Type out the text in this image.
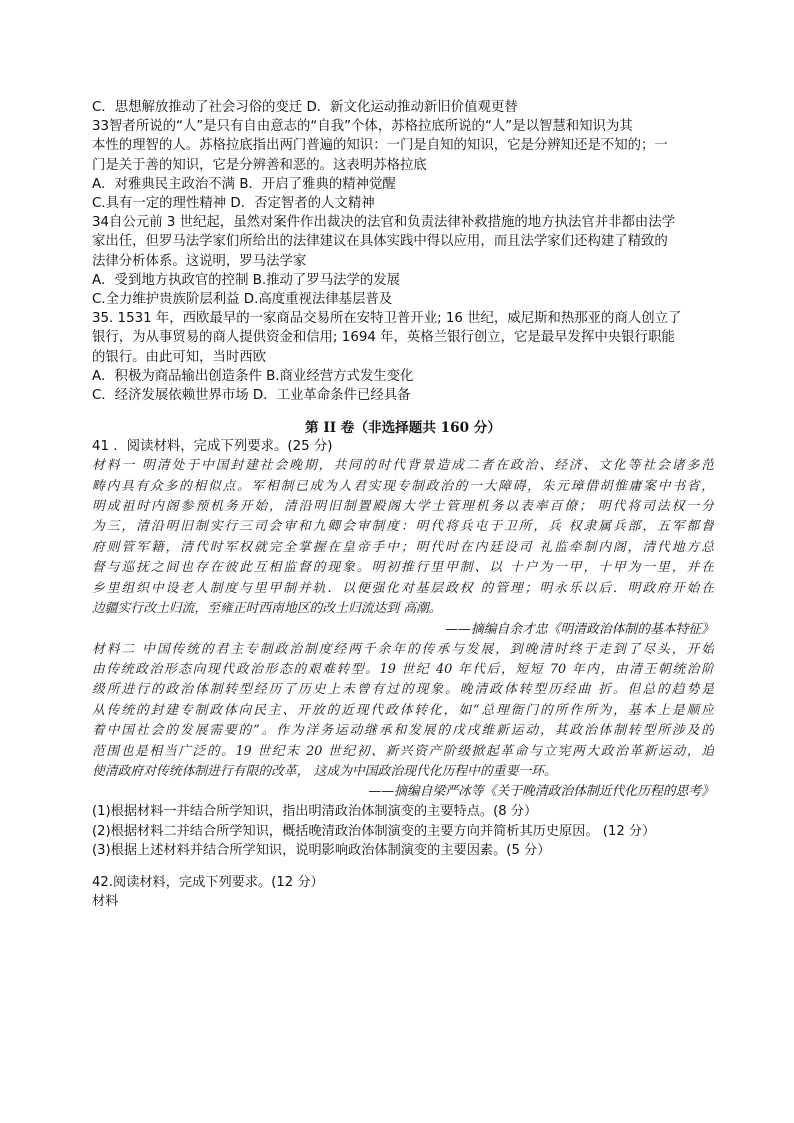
C．思想解放推动了社会习俗的变迁 D．新文化运动推动新旧价值观更替
33智者所说的“人”是只有自由意志的“自我”个体，苏格拉底所说的“人”是以智慧和知识为其
本性的理智的人。苏格拉底指出两门普遍的知识：一门是自知的知识，它是分辨知还是不知的；一
门是关于善的知识，它是分辨善和恶的。这表明苏格拉底
A．对雅典民主政治不满 B．开启了雅典的精神觉醒
C.具有一定的理性精神 D．否定智者的人文精神
34自公元前 3 世纪起，虽然对案件作出裁决的法官和负责法律补救措施的地方执法官并非都由法学
家出任，但罗马法学家们所给出的法律建议在具体实践中得以应用，而且法学家们还构建了精致的
法律分析体系。这说明，罗马法学家
A．受到地方执政官的控制 B.推动了罗马法学的发展
C.全力维护贵族阶层利益 D.高度重视法律基层普及
35. 1531 年，西欧最早的一家商品交易所在安特卫普开业; 16 世纪，威尼斯和热那亚的商人创立了
银行，为从事贸易的商人提供资金和信用; 1694 年，英格兰银行创立，它是最早发挥中央银行职能
的银行。由此可知，当时西欧
A．积极为商品输出创造条件 B.商业经营方式发生变化
C．经济发展依赖世界市场 D．工业革命条件已经具备
第 II 卷（非选择题共 160 分）
41 ．阅读材料，完成下列要求。(25 分)
材料一 明清处于中国封建社会晚期，共同的时代背景造成二者在政治、经济、文化等社会诸多范
畴内具有众多的相似点。军相制已成为人君实现专制政治的一大障碍，朱元璋借胡惟庸案中书省，
明成祖时内阁参预机务开始，清沿明旧制置殿阁大学士管理机务以表率百僚； 明代将司法权一分
为三，清沿明旧制实行三司会审和九卿会审制度：明代将兵屯于卫所，兵 权隶属兵部，五军都督
府则管军籍，清代时军权就完全掌握在皇帝手中；明代时在内廷设司 礼监牵制内阁，清代地方总
督与巡抚之间也存在彼此互相监督的现象。明初推行里甲制、以 十户为一甲，十甲为一里，并在
乡里组织中设老人制度与里甲制并轨．以便强化对基层政权 的管理；明永乐以后．明政府开始在
边疆实行改土归流，至雍正时西南地区的改土归流达到 高潮。
——摘编自余才忠《明清政治体制的基本特征》
材料二 中国传统的君主专制政治制度经两千余年的传承与发展，到晚清时终于走到了尽头，开始
由传统政治形态向现代政治形态的艰难转型。19 世纪 40 年代后，短短 70 年内，由清王朝统治阶
级所进行的政治体制转型经历了历史上未曾有过的现象。晚清政体转型历经曲 折。但总的趋势是
从传统的封建专制政体向民主、开放的近现代政体转化，如“总理衙门的所作所为，基本上是顺应
着中国社会的发展需要的”。作为洋务运动继承和发展的戊戌维新运动，其政治体制转型所涉及的
范围也是相当广泛的。19 世纪末 20 世纪初、新兴资产阶级掀起革命与立宪两大政治革新运动，迫
使清政府对传统体制进行有限的改革， 这成为中国政治现代化历程中的重要一环。
——摘编自梁严冰等《关于晚清政治体制近代化历程的思考》
(1)根据材料一并结合所学知识，指出明清政治体制演变的主要特点。(8 分）
(2)根据材料二并结合所学知识，概括晚清政治体制演变的主要方向并简析其历史原因。 (12 分）
(3)根据上述材料并结合所学知识，说明影响政治体制演变的主要因素。(5 分）
42.阅读材料，完成下列要求。(12 分）
材料
